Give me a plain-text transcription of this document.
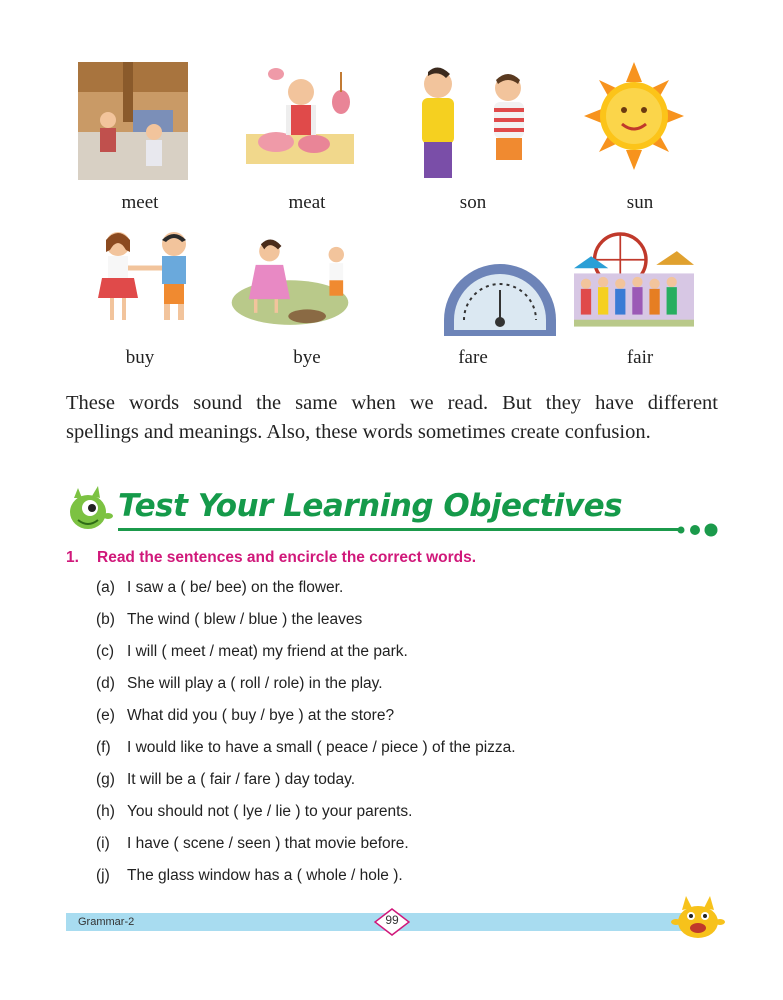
meet	meat	son	sun
buy	bye	fare	fair

These words sound the same when we read. But they have different

spellings and meanings. Also, these words sometimes create confusion.

Test Your Learning Objectives
1. Read the sentences and encircle the correct words.
(a) I saw a ( be/ bee) on the flower.
(b) The wind ( blew / blue ) the leaves
(c) I will ( meet / meat) my friend at the park.
(d) She will play a ( roll / role) in the play.
(e) What did you ( buy / bye ) at the store?
(f) I would like to have a small ( peace / piece ) of the pizza.
(g) It will be a ( fair / fare ) day today.
(h) You should not ( lye / lie ) to your parents.
(i) I have ( scene / seen ) that movie before.
(j) The glass window has a ( whole / hole ).
Grammar-2	99
